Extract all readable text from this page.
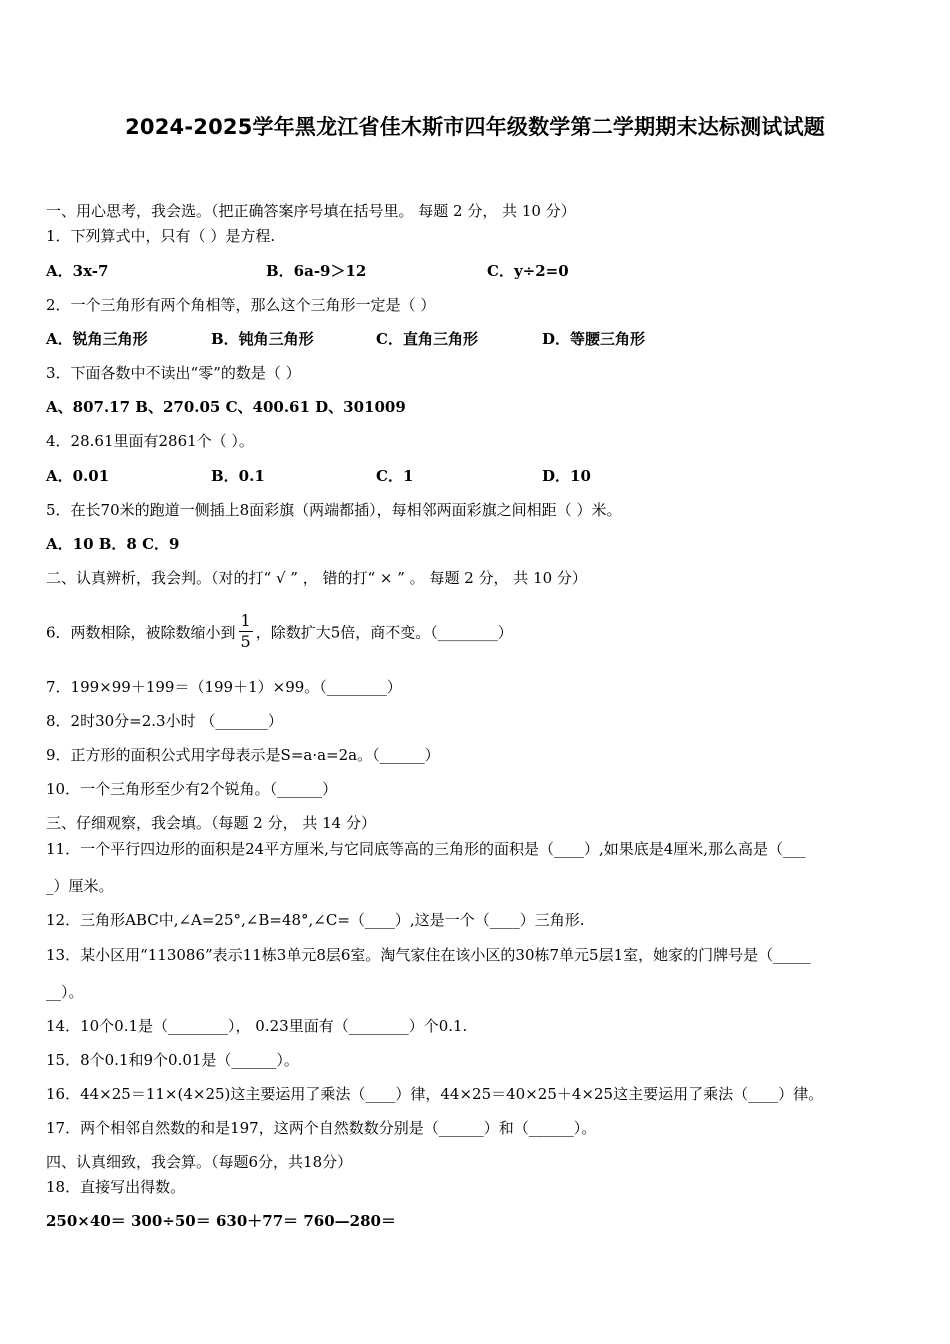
2024-2025学年黑龙江省佳木斯市四年级数学第二学期期末达标测试试题
一、用心思考，我会选。（把正确答案序号填在括号里。 每题 2 分， 共 10 分）
1．下列算式中，只有（ ）是方程.
A．3x-7	B．6a-9＞12	C．y÷2=0
2．一个三角形有两个角相等，那么这个三角形一定是（ ）
A．锐角三角形	B．钝角三角形	C．直角三角形	D．等腰三角形
3．下面各数中不读出“零”的数是（ ）
A、807.17 B、270.05 C、400.61 D、301009
4．28.61里面有2861个（ ）。
A．0.01	B．0.1	C．1	D．10
5．在长70米的跑道一侧插上8面彩旗（两端都插），每相邻两面彩旗之间相距（ ）米。
A．10 B．8 C．9
二、认真辨析，我会判。（对的打“ √ ” ， 错的打“ × ” 。 每题 2 分， 共 10 分）
6．两数相除，被除数缩小到 $\frac{1}{5}$ ，除数扩大5倍，商不变。（________）
7．199×99＋199＝（199＋1）×99。（________）
8．2时30分=2.3小时 （_______）
9．正方形的面积公式用字母表示是S=a·a=2a。（______）
10．一个三角形至少有2个锐角。（______）
三、仔细观察，我会填。（每题 2 分， 共 14 分）
11．一个平行四边形的面积是24平方厘米,与它同底等高的三角形的面积是（____）,如果底是4厘米,那么高是（___
_）厘米。
12．三角形ABC中,∠A=25°,∠B=48°,∠C=（____）,这是一个（____）三角形.
13．某小区用“113086”表示11栋3单元8层6室。淘气家住在该小区的30栋7单元5层1室，她家的门牌号是（_____
__）。
14．10个0.1是（________）， 0.23里面有（________）个0.1.
15．8个0.1和9个0.01是（______）。
16．44×25＝11×(4×25)这主要运用了乘法（____）律，44×25＝40×25＋4×25这主要运用了乘法（____）律。
17．两个相邻自然数的和是197，这两个自然数数分别是（______）和（______）。
四、认真细致，我会算。（每题6分，共18分）
18．直接写出得数。
250×40＝ 300÷50＝ 630＋77＝ 760—280＝
